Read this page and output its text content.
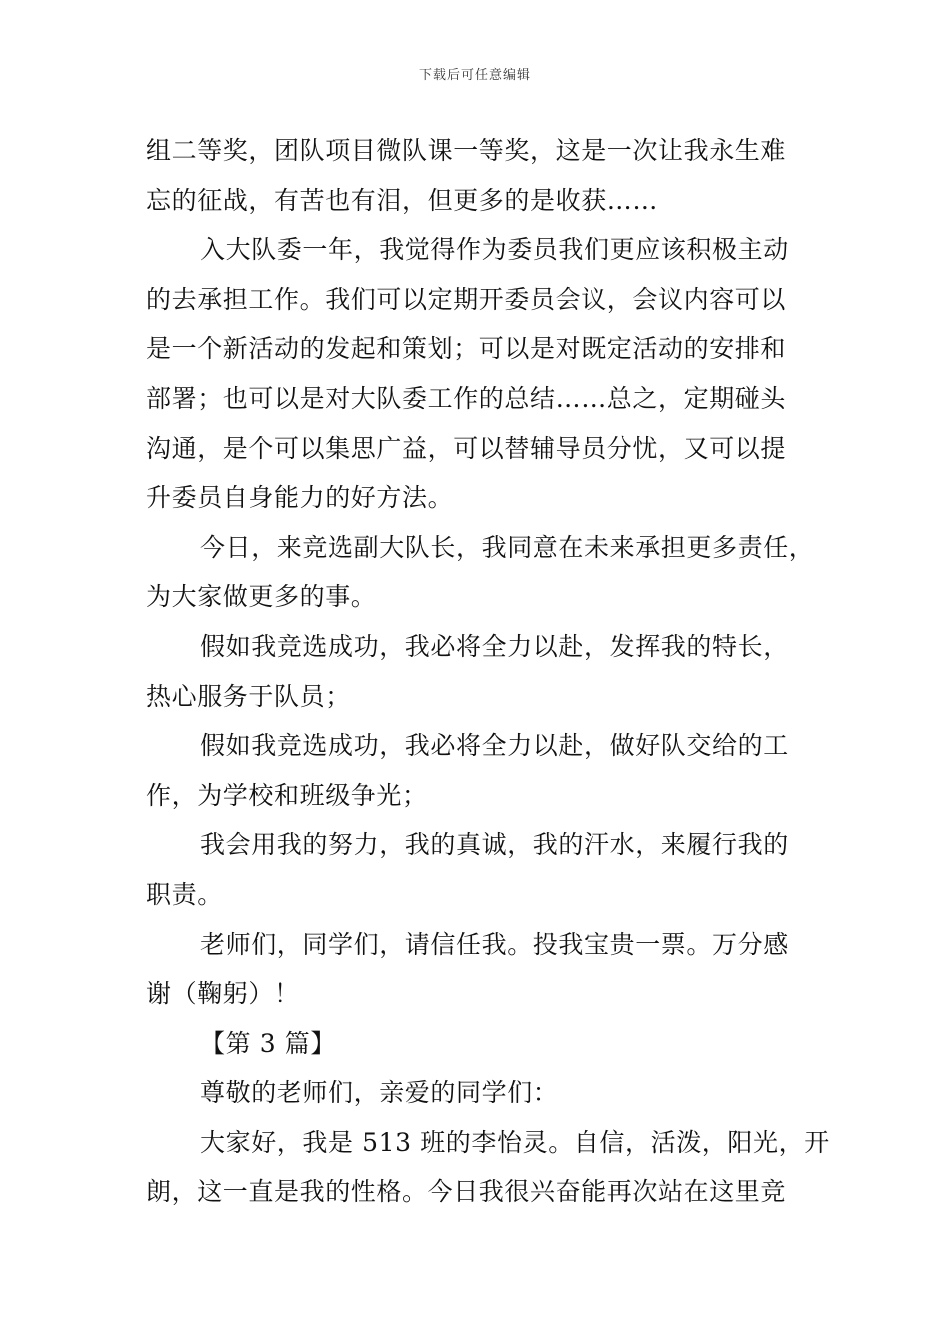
下载后可任意编辑
组二等奖，团队项目微队课一等奖，这是一次让我永生难
忘的征战，有苦也有泪，但更多的是收获……
入大队委一年，我觉得作为委员我们更应该积极主动
的去承担工作。我们可以定期开委员会议，会议内容可以
是一个新活动的发起和策划；可以是对既定活动的安排和
部署；也可以是对大队委工作的总结……总之，定期碰头
沟通，是个可以集思广益，可以替辅导员分忧，又可以提
升委员自身能力的好方法。
今日，来竞选副大队长，我同意在未来承担更多责任，
为大家做更多的事。
假如我竞选成功，我必将全力以赴，发挥我的特长，
热心服务于队员；
假如我竞选成功，我必将全力以赴，做好队交给的工
作，为学校和班级争光；
我会用我的努力，我的真诚，我的汗水，来履行我的
职责。
老师们，同学们，请信任我。投我宝贵一票。万分感
谢（鞠躬）！
【第 3 篇】
尊敬的老师们，亲爱的同学们：
大家好，我是 513 班的李怡灵。自信，活泼，阳光，开
朗，这一直是我的性格。今日我很兴奋能再次站在这里竞
